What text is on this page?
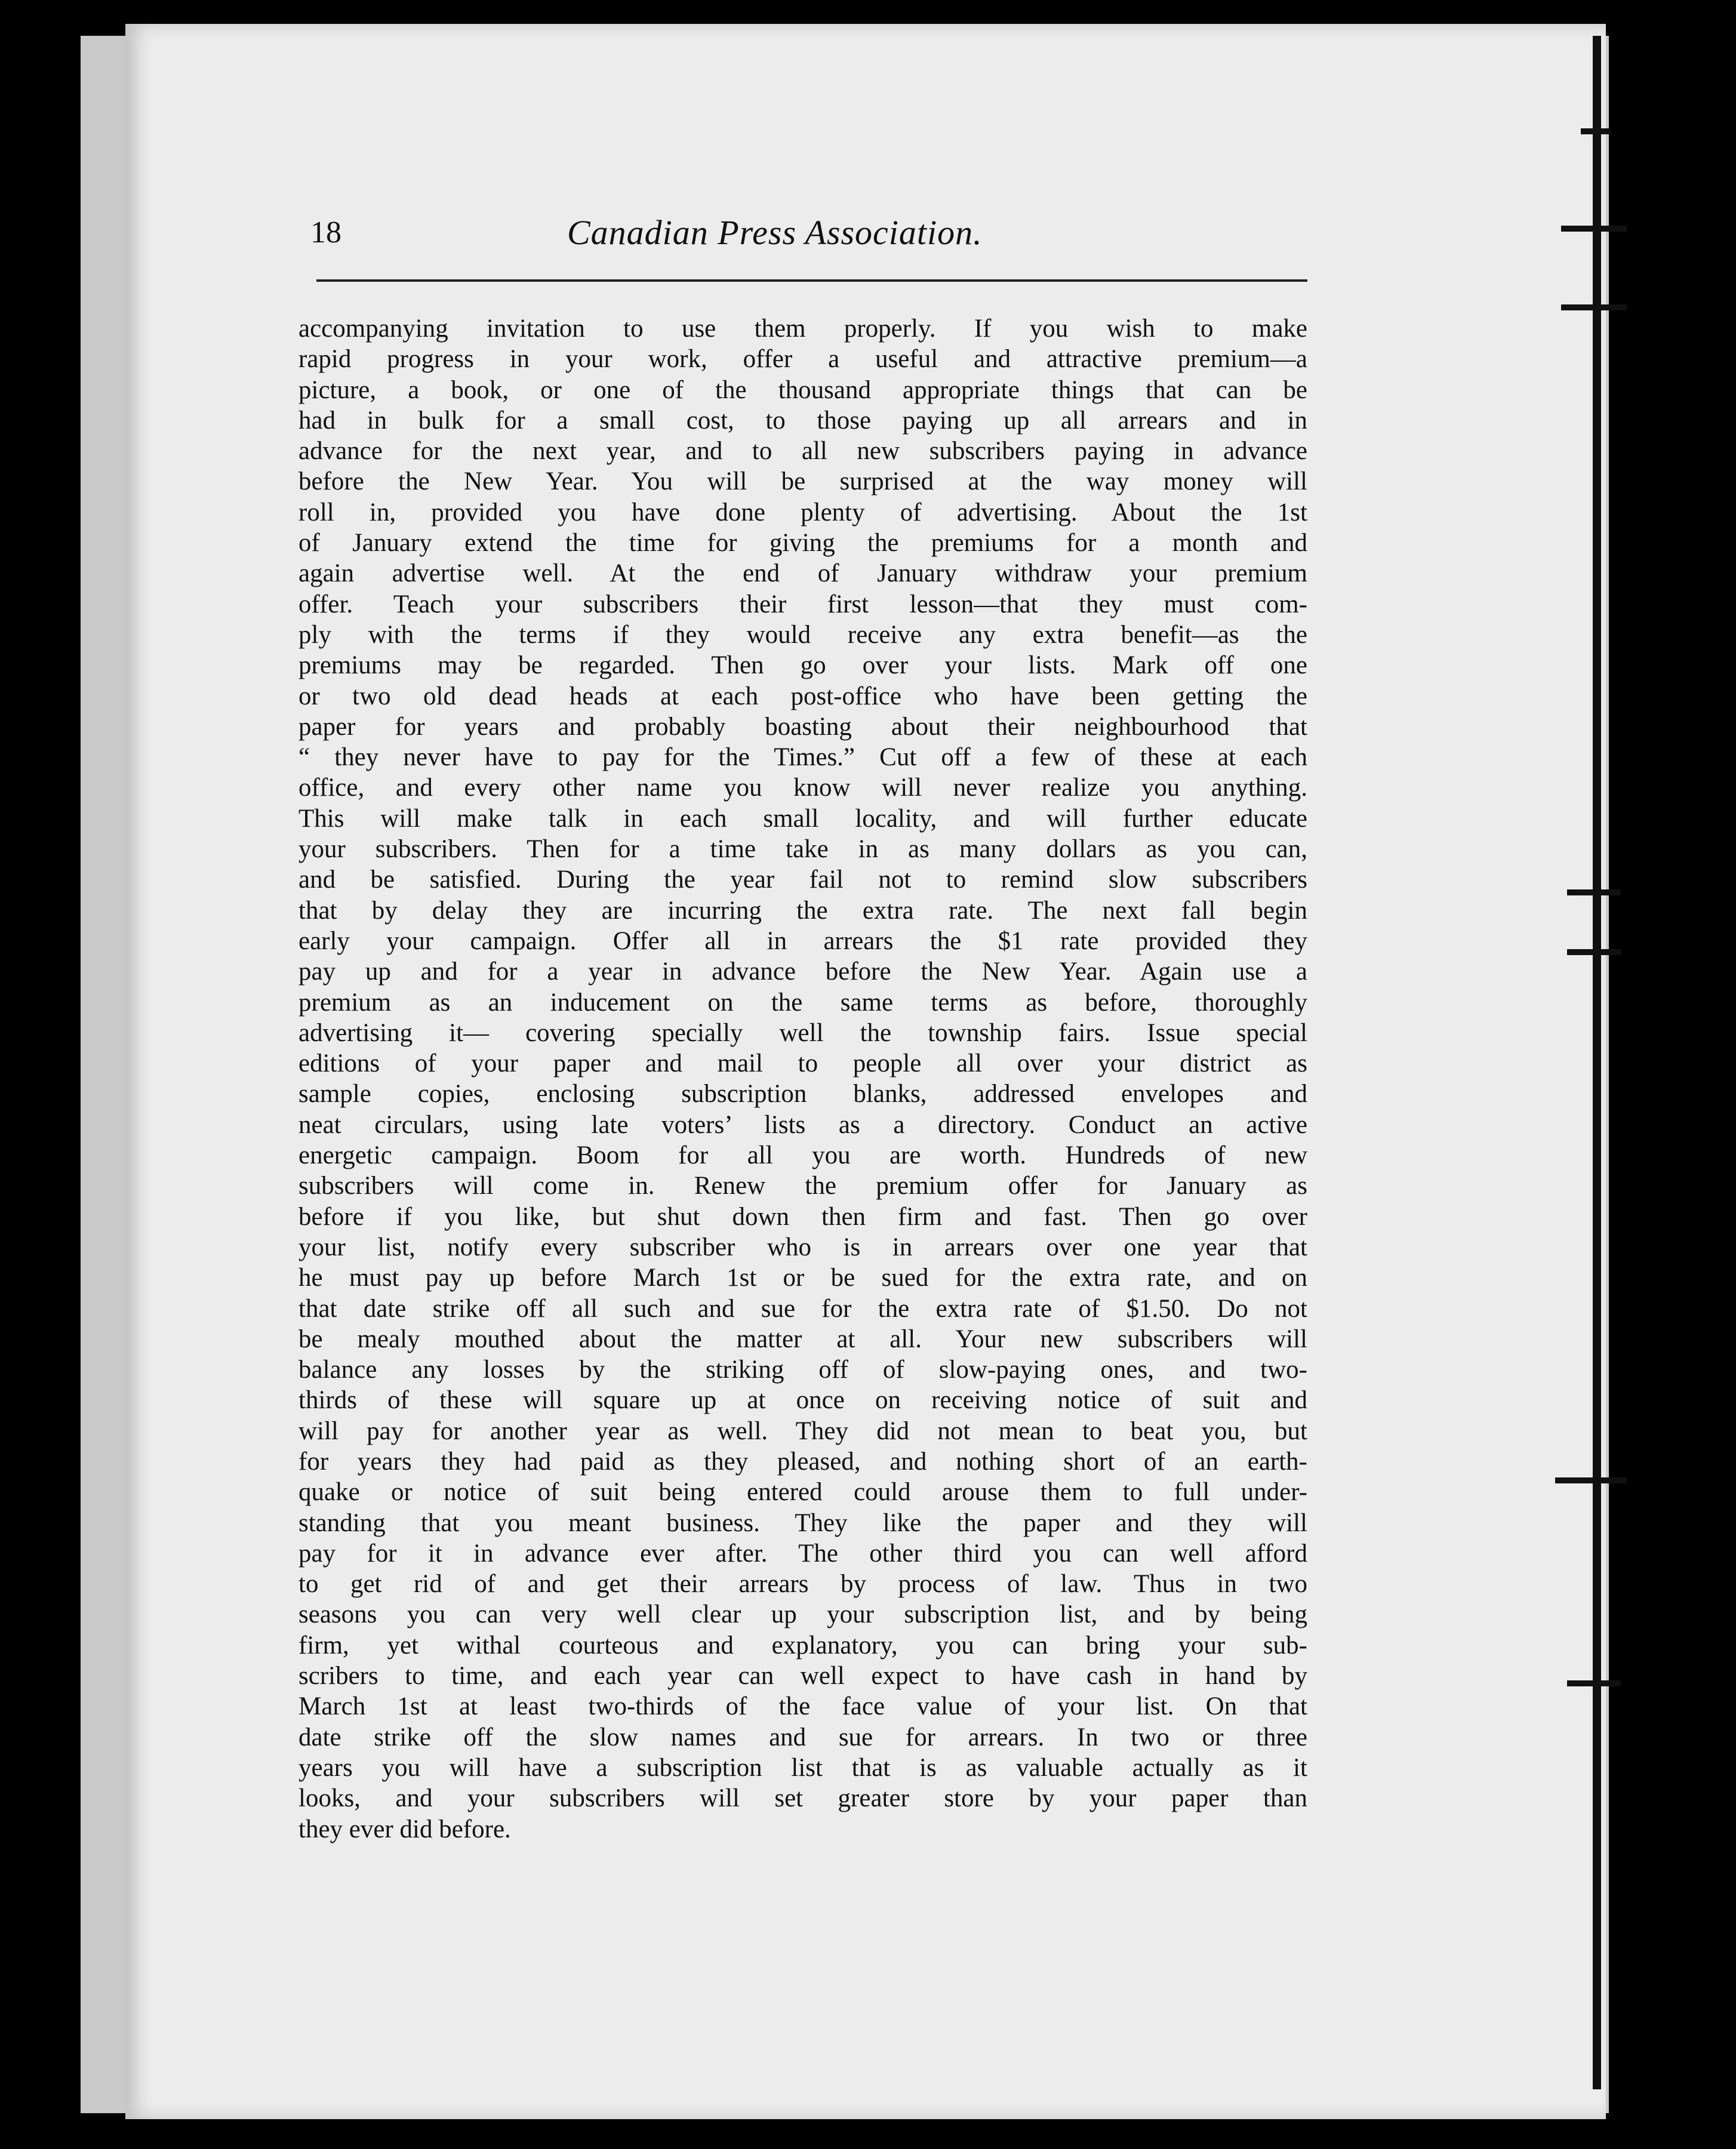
18	Canadian Press Association.
accompanying invitation to use them properly. If you wish to make
rapid progress in your work, offer a useful and attractive premium—a
picture, a book, or one of the thousand appropriate things that can be
had in bulk for a small cost, to those paying up all arrears and in
advance for the next year, and to all new subscribers paying in advance
before the New Year. You will be surprised at the way money will
roll in, provided you have done plenty of advertising. About the 1st
of January extend the time for giving the premiums for a month and
again advertise well. At the end of January withdraw your premium
offer. Teach your subscribers their first lesson—that they must com-
ply with the terms if they would receive any extra benefit—as the
premiums may be regarded. Then go over your lists. Mark off one
or two old dead heads at each post-office who have been getting the
paper for years and probably boasting about their neighbourhood that
“ they never have to pay for the Times.” Cut off a few of these at each
office, and every other name you know will never realize you anything.
This will make talk in each small locality, and will further educate
your subscribers. Then for a time take in as many dollars as you can,
and be satisfied. During the year fail not to remind slow subscribers
that by delay they are incurring the extra rate. The next fall begin
early your campaign. Offer all in arrears the $1 rate provided they
pay up and for a year in advance before the New Year. Again use a
premium as an inducement on the same terms as before, thoroughly
advertising it— covering specially well the township fairs. Issue special
editions of your paper and mail to people all over your district as
sample copies, enclosing subscription blanks, addressed envelopes and
neat circulars, using late voters’ lists as a directory. Conduct an active
energetic campaign. Boom for all you are worth. Hundreds of new
subscribers will come in. Renew the premium offer for January as
before if you like, but shut down then firm and fast. Then go over
your list, notify every subscriber who is in arrears over one year that
he must pay up before March 1st or be sued for the extra rate, and on
that date strike off all such and sue for the extra rate of $1.50. Do not
be mealy mouthed about the matter at all. Your new subscribers will
balance any losses by the striking off of slow-paying ones, and two-
thirds of these will square up at once on receiving notice of suit and
will pay for another year as well. They did not mean to beat you, but
for years they had paid as they pleased, and nothing short of an earth-
quake or notice of suit being entered could arouse them to full under-
standing that you meant business. They like the paper and they will
pay for it in advance ever after. The other third you can well afford
to get rid of and get their arrears by process of law. Thus in two
seasons you can very well clear up your subscription list, and by being
firm, yet withal courteous and explanatory, you can bring your sub-
scribers to time, and each year can well expect to have cash in hand by
March 1st at least two-thirds of the face value of your list. On that
date strike off the slow names and sue for arrears. In two or three
years you will have a subscription list that is as valuable actually as it
looks, and your subscribers will set greater store by your paper than
they ever did before.
